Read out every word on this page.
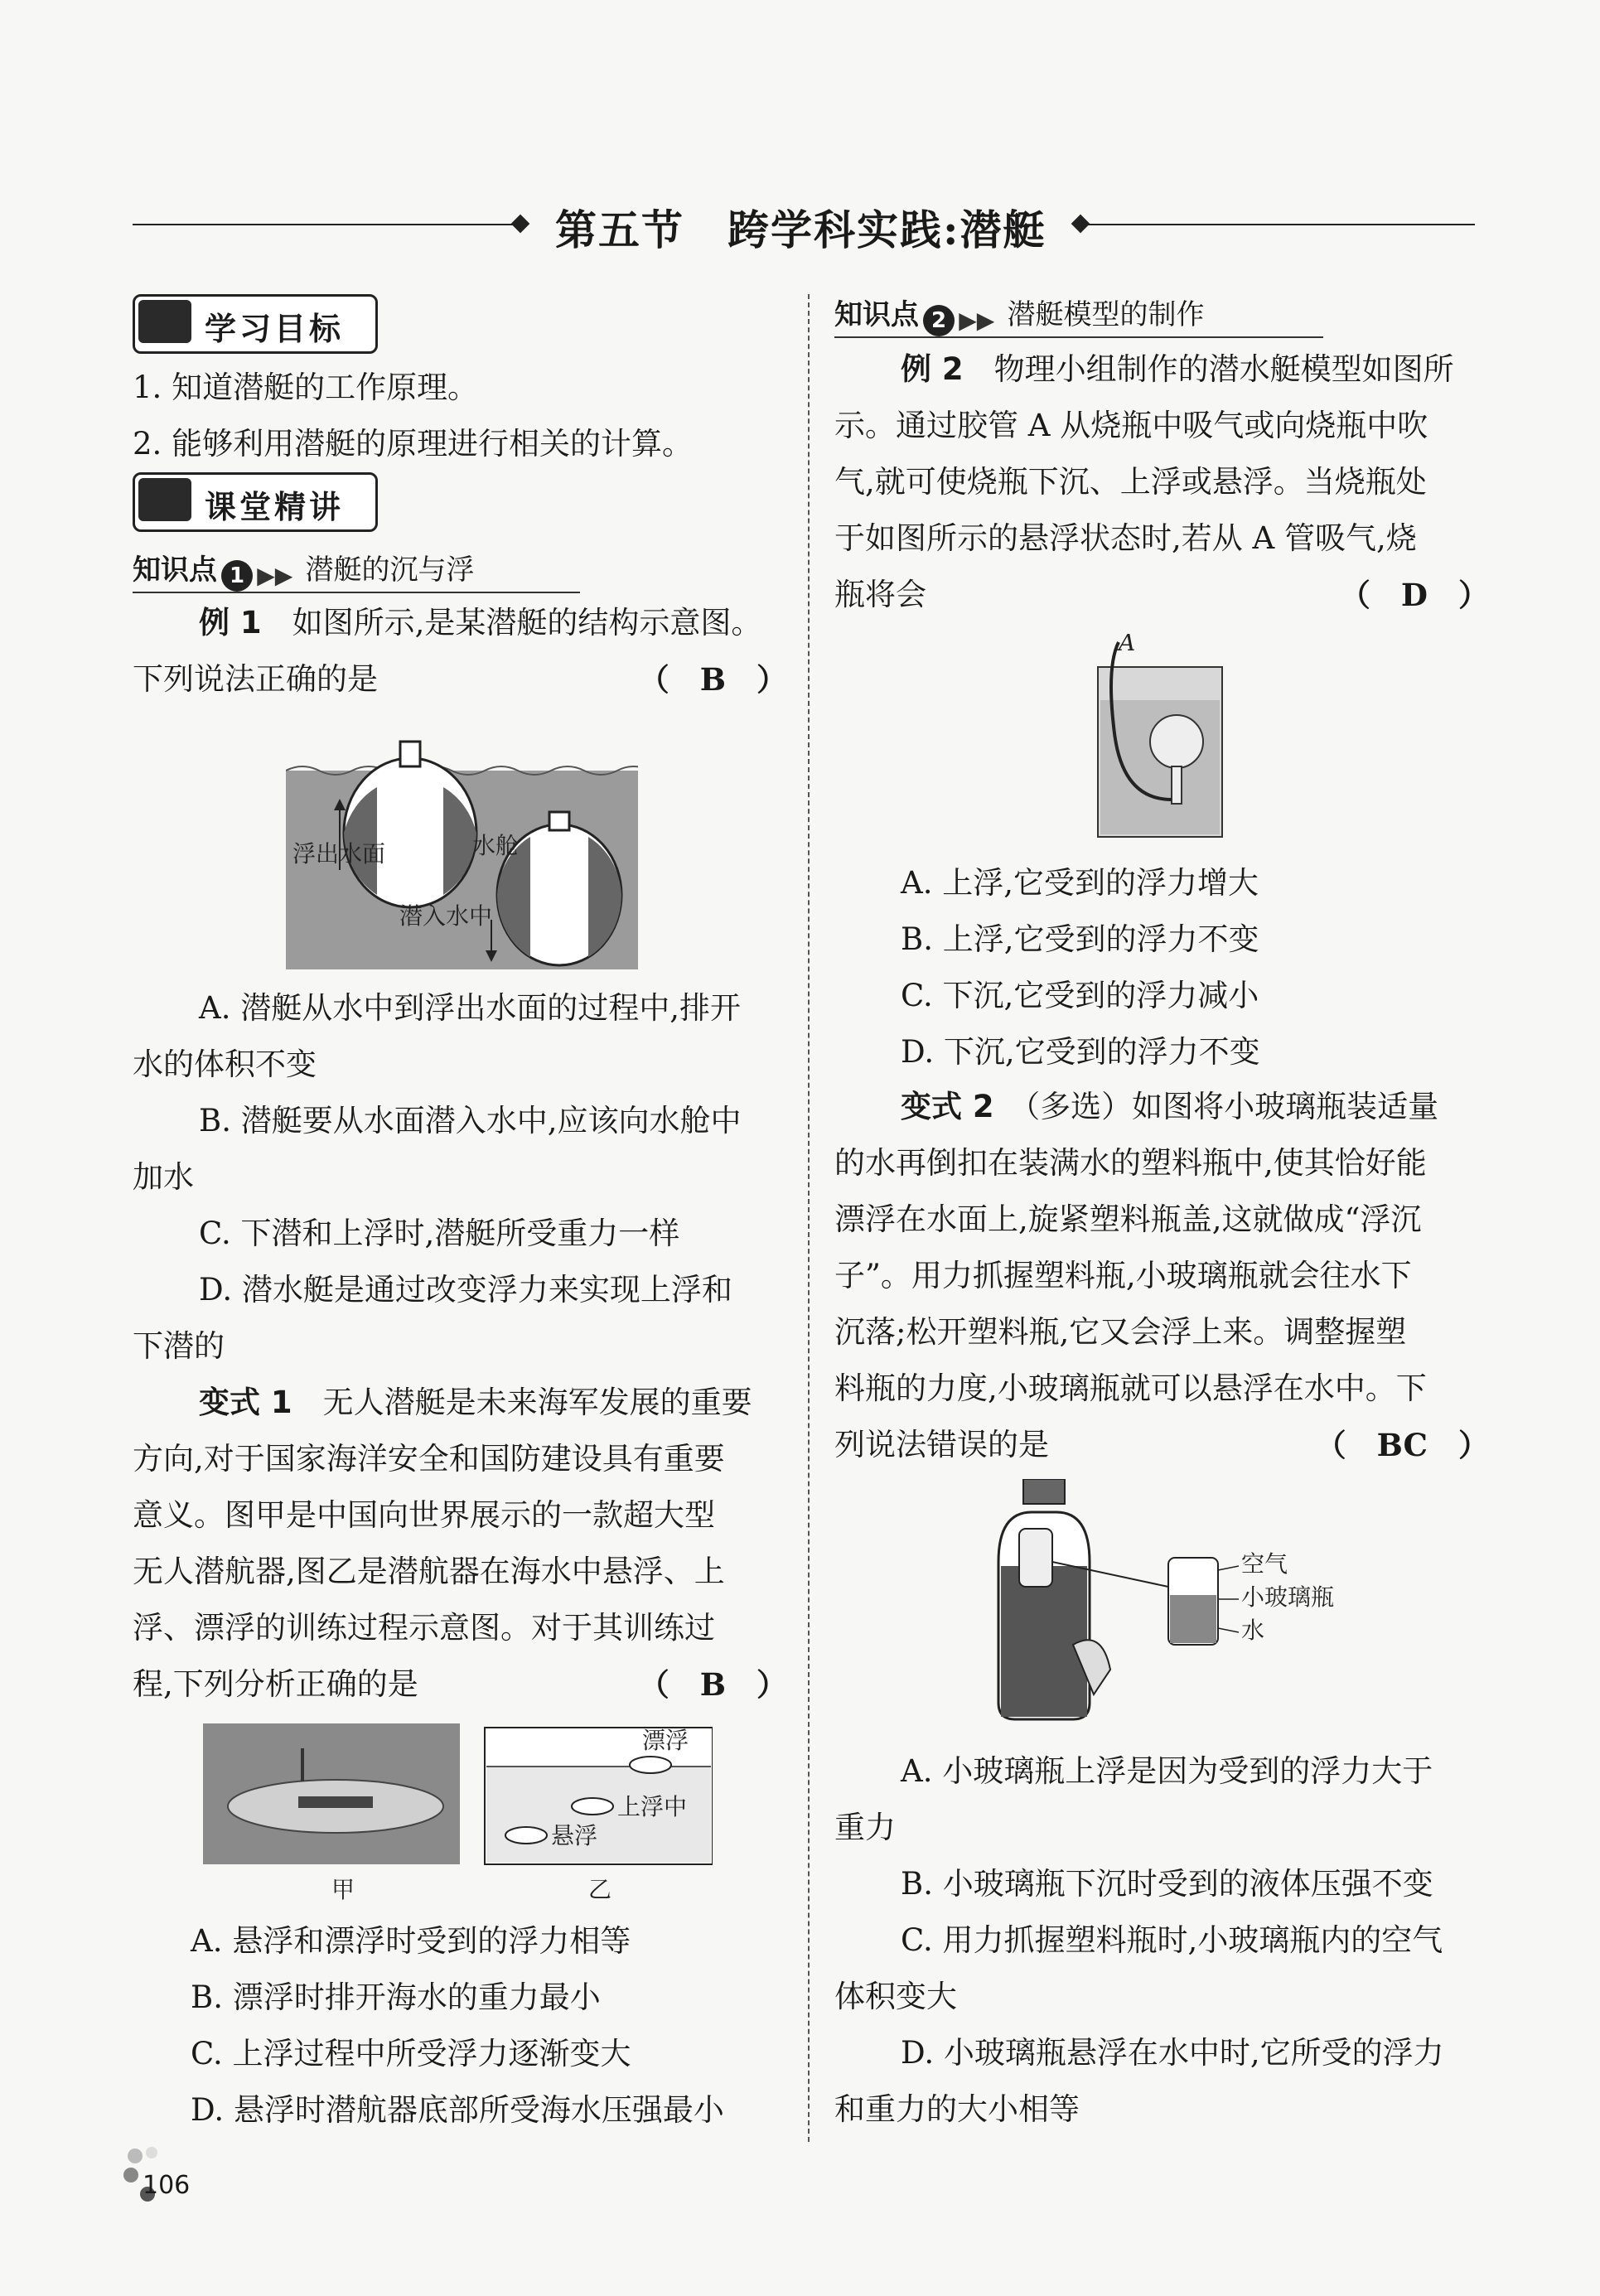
第五节　跨学科实践:潜艇
学习目标

1. 知道潜艇的工作原理。

2. 能够利用潜艇的原理进行相关的计算。

课堂精讲
知识点 1 ▶▶ 潜艇的沉与浮

例 1　 如图所示,是某潜艇的结构示意图。

下列说法正确的是	（　B　）

浮出水面	水舱
潜入水中

A. 潜艇从水中到浮出水面的过程中,排开

水的体积不变

B. 潜艇要从水面潜入水中,应该向水舱中

加水

C. 下潜和上浮时,潜艇所受重力一样

D. 潜水艇是通过改变浮力来实现上浮和

下潜的

变式 1　 无人潜艇是未来海军发展的重要

方向,对于国家海洋安全和国防建设具有重要

意义。图甲是中国向世界展示的一款超大型

无人潜航器,图乙是潜航器在海水中悬浮、上

浮、漂浮的训练过程示意图。对于其训练过

程,下列分析正确的是	（　B　）

甲
漂浮
上浮中
悬浮
乙

A. 悬浮和漂浮时受到的浮力相等

B. 漂浮时排开海水的重力最小

C. 上浮过程中所受浮力逐渐变大

D. 悬浮时潜航器底部所受海水压强最小

知识点 2 ▶▶ 潜艇模型的制作

例 2　 物理小组制作的潜水艇模型如图所

示。通过胶管 A 从烧瓶中吸气或向烧瓶中吹

气,就可使烧瓶下沉、上浮或悬浮。当烧瓶处

于如图所示的悬浮状态时,若从 A 管吸气,烧

瓶将会	（　D　）

A

A. 上浮,它受到的浮力增大

B. 上浮,它受到的浮力不变

C. 下沉,它受到的浮力减小

D. 下沉,它受到的浮力不变

变式 2　 （多选）如图将小玻璃瓶装适量

的水再倒扣在装满水的塑料瓶中,使其恰好能

漂浮在水面上,旋紧塑料瓶盖,这就做成“浮沉

子”。用力抓握塑料瓶,小玻璃瓶就会往水下

沉落;松开塑料瓶,它又会浮上来。调整握塑

料瓶的力度,小玻璃瓶就可以悬浮在水中。下

列说法错误的是	（　BC　）

空气
小玻璃瓶
水

A. 小玻璃瓶上浮是因为受到的浮力大于

重力

B. 小玻璃瓶下沉时受到的液体压强不变

C. 用力抓握塑料瓶时,小玻璃瓶内的空气

体积变大

D. 小玻璃瓶悬浮在水中时,它所受的浮力

和重力的大小相等

106
